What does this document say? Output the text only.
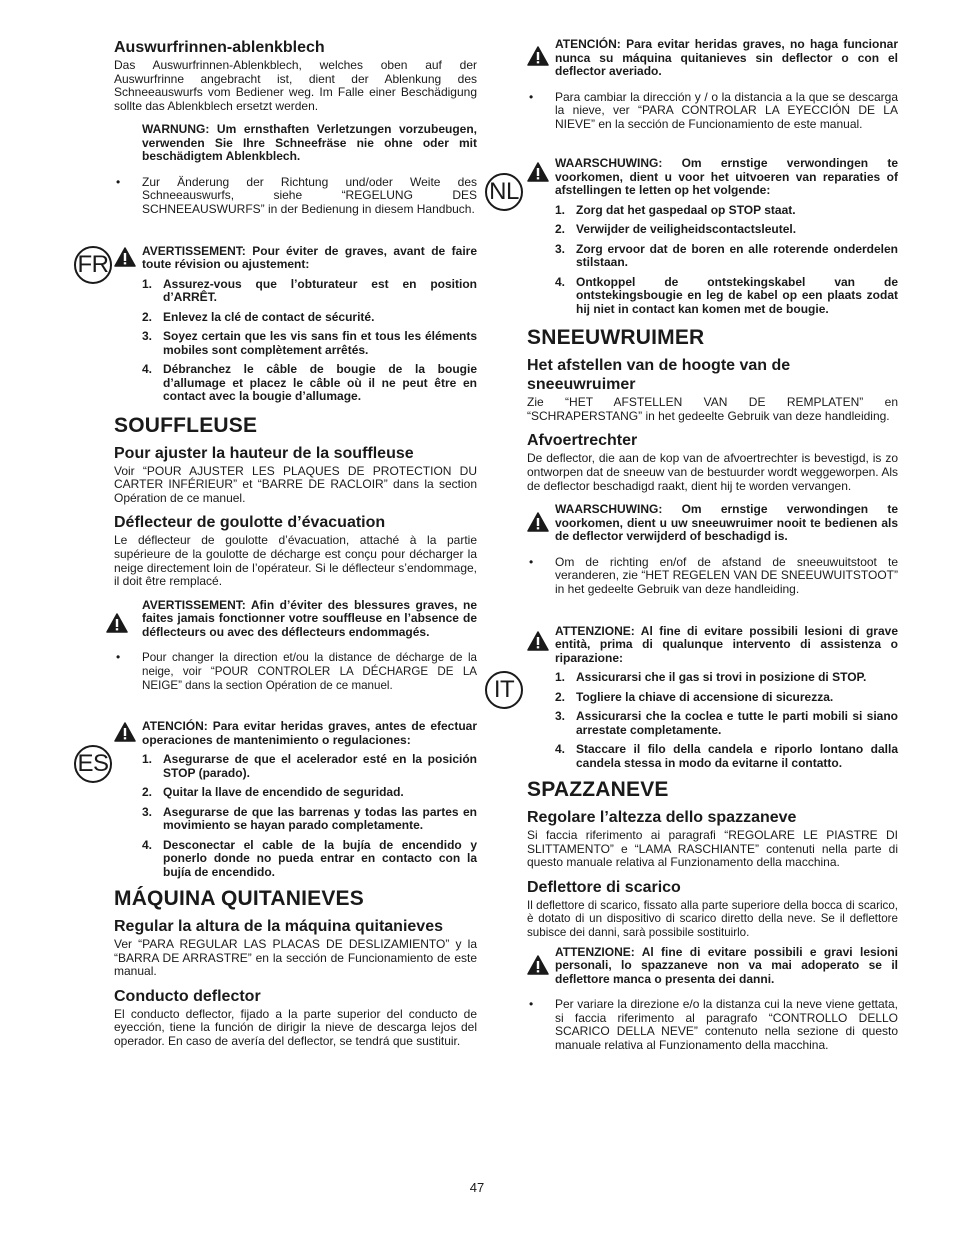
FR
ES
NL
IT
Auswurfrinnen-ablenkblech

Das Auswurfrinnen-Ablenkblech, welches oben auf der Auswurfrinne angebracht ist, dient der Ablenkung des Schneeauswurfs vom Bediener weg. Im Falle einer Beschädigung sollte das Ablenkblech ersetzt werden.

WARNUNG: Um ernsthaften Verletzungen vorzubeugen, verwenden Sie Ihre Schneefräse nie ohne oder mit beschädigtem Ablenkblech.

• Zur Änderung der Richtung und/oder Weite des Schneeauswurfs, siehe “REGELUNG DES SCHNEEAUSWURFS” in der Bedienung in diesem Handbuch.

AVERTISSEMENT: Pour éviter de graves, avant de faire toute révision ou ajustement:

1. Assurez-vous que l’obturateur est en position d’ARRÊT.
2. Enlevez la clé de contact de sécurité.
3. Soyez certain que les vis sans fin et tous les éléments mobiles sont complètement arrêtés.
4. Débranchez le câble de bougie de la bougie d’allumage et placez le câble où il ne peut être en contact avec la bougie d’allumage.
SOUFFLEUSE
Pour ajuster la hauteur de la souffleuse

Voir “POUR AJUSTER LES PLAQUES DE PROTECTION DU CARTER INFÉRIEUR” et “BARRE DE RACLOIR” dans la section Opération de ce manuel.

Déflecteur de goulotte d’évacuation

Le déflecteur de goulotte d’évacuation, attaché à la partie supérieure de la goulotte de décharge est conçu pour décharger la neige directement loin de l’opérateur. Si le déflecteur s’endommage, il doit être remplacé.

AVERTISSEMENT: Afin d’éviter des blessures graves, ne faites jamais fonctionner votre souffleuse en l’absence de déflecteurs ou avec des déflecteurs endommagés.

• Pour changer la direction et/ou la distance de décharge de la neige, voir “POUR CONTROLER LA DÉCHARGE DE LA NEIGE” dans la section Opération de ce manuel.

ATENCIÓN: Para evitar heridas graves, antes de efectuar operaciones de mantenimiento o regulaciones:

1. Asegurarse de que el acelerador esté en la posición STOP (parado).
2. Quitar la llave de encendido de seguridad.
3. Asegurarse de que las barrenas y todas las partes en movimiento se hayan parado completamente.
4. Desconectar el cable de la bujía de encendido y ponerlo donde no pueda entrar en contacto con la bujía de encendido.
MÁQUINA QUITANIEVES
Regular la altura de la máquina quitanieves

Ver “PARA REGULAR LAS PLACAS DE DESLIZAMIENTO” y la “BARRA DE ARRASTRE” en la sección de Funcionamiento de este manual.

Conducto deflector

El conducto deflector, fijado a la parte superior del conducto de eyección, tiene la función de dirigir la nieve de descarga lejos del operador. En caso de avería del deflector, se tendrá que sustituir.

ATENCIÓN: Para evitar heridas graves, no haga funcionar nunca su máquina quitanieves sin deflector o con el deflector averiado.

• Para cambiar la dirección y / o la distancia a la que se descarga la nieve, ver “PARA CONTROLAR LA EYECCIÓN DE LA NIEVE” en la sección de Funcionamiento de este manual.

WAARSCHUWING: Om ernstige verwondingen te voorkomen, dient u voor het uitvoeren van reparaties of afstellingen te letten op het volgende:

1. Zorg dat het gaspedaal op STOP staat.
2. Verwijder de veiligheidscontactsleutel.
3. Zorg ervoor dat de boren en alle roterende onderdelen stilstaan.
4. Ontkoppel de ontstekingskabel van de ontstekingsbougie en leg de kabel op een plaats zodat hij niet in contact kan komen met de bougie.
SNEEUWRUIMER
Het afstellen van de hoogte van de sneeuwruimer

Zie “HET AFSTELLEN VAN DE REMPLATEN” en “SCHRAPERSTANG” in het gedeelte Gebruik van deze handleiding.

Afvoertrechter

De deflector, die aan de kop van de afvoertrechter is bevestigd, is zo ontworpen dat de sneeuw van de bestuurder wordt weggeworpen. Als de deflector beschadigd raakt, dient hij te worden vervangen.

WAARSCHUWING: Om ernstige verwondingen te voorkomen, dient u uw sneeuwruimer nooit te bedienen als de deflector verwijderd of beschadigd is.

• Om de richting en/of de afstand de sneeuwuitstoot te veranderen, zie “HET REGELEN VAN DE SNEEUWUITSTOOT” in het gedeelte Gebruik van deze handleiding.

ATTENZIONE: Al fine di evitare possibili lesioni di grave entità, prima di qualunque intervento di assistenza o riparazione:

1. Assicurarsi che il gas si trovi in posizione di STOP.
2. Togliere la chiave di accensione di sicurezza.
3. Assicurarsi che la coclea e tutte le parti mobili si siano arrestate completamente.
4. Staccare il filo della candela e riporlo lontano dalla candela stessa in modo da evitarne il contatto.
SPAZZANEVE
Regolare l’altezza dello spazzaneve

Si faccia riferimento ai paragrafi “REGOLARE LE PIASTRE DI SLITTAMENTO” e “LAMA RASCHIANTE” contenuti nella parte di questo manuale relativa al Funzionamento della macchina.

Deflettore di scarico

Il deflettore di scarico, fissato alla parte superiore della bocca di scarico, è dotato di un dispositivo di scarico diretto della neve. Se il deflettore subisce dei danni, sarà possibile sostituirlo.

ATTENZIONE: Al fine di evitare possibili e gravi lesioni personali, lo spazzaneve non va mai adoperato se il deflettore manca o presenta dei danni.

• Per variare la direzione e/o la distanza cui la neve viene gettata, si faccia riferimento al paragrafo “CONTROLLO DELLO SCARICO DELLA NEVE” contenuto nella sezione di questo manuale relativa al Funzionamento della macchina.

47
